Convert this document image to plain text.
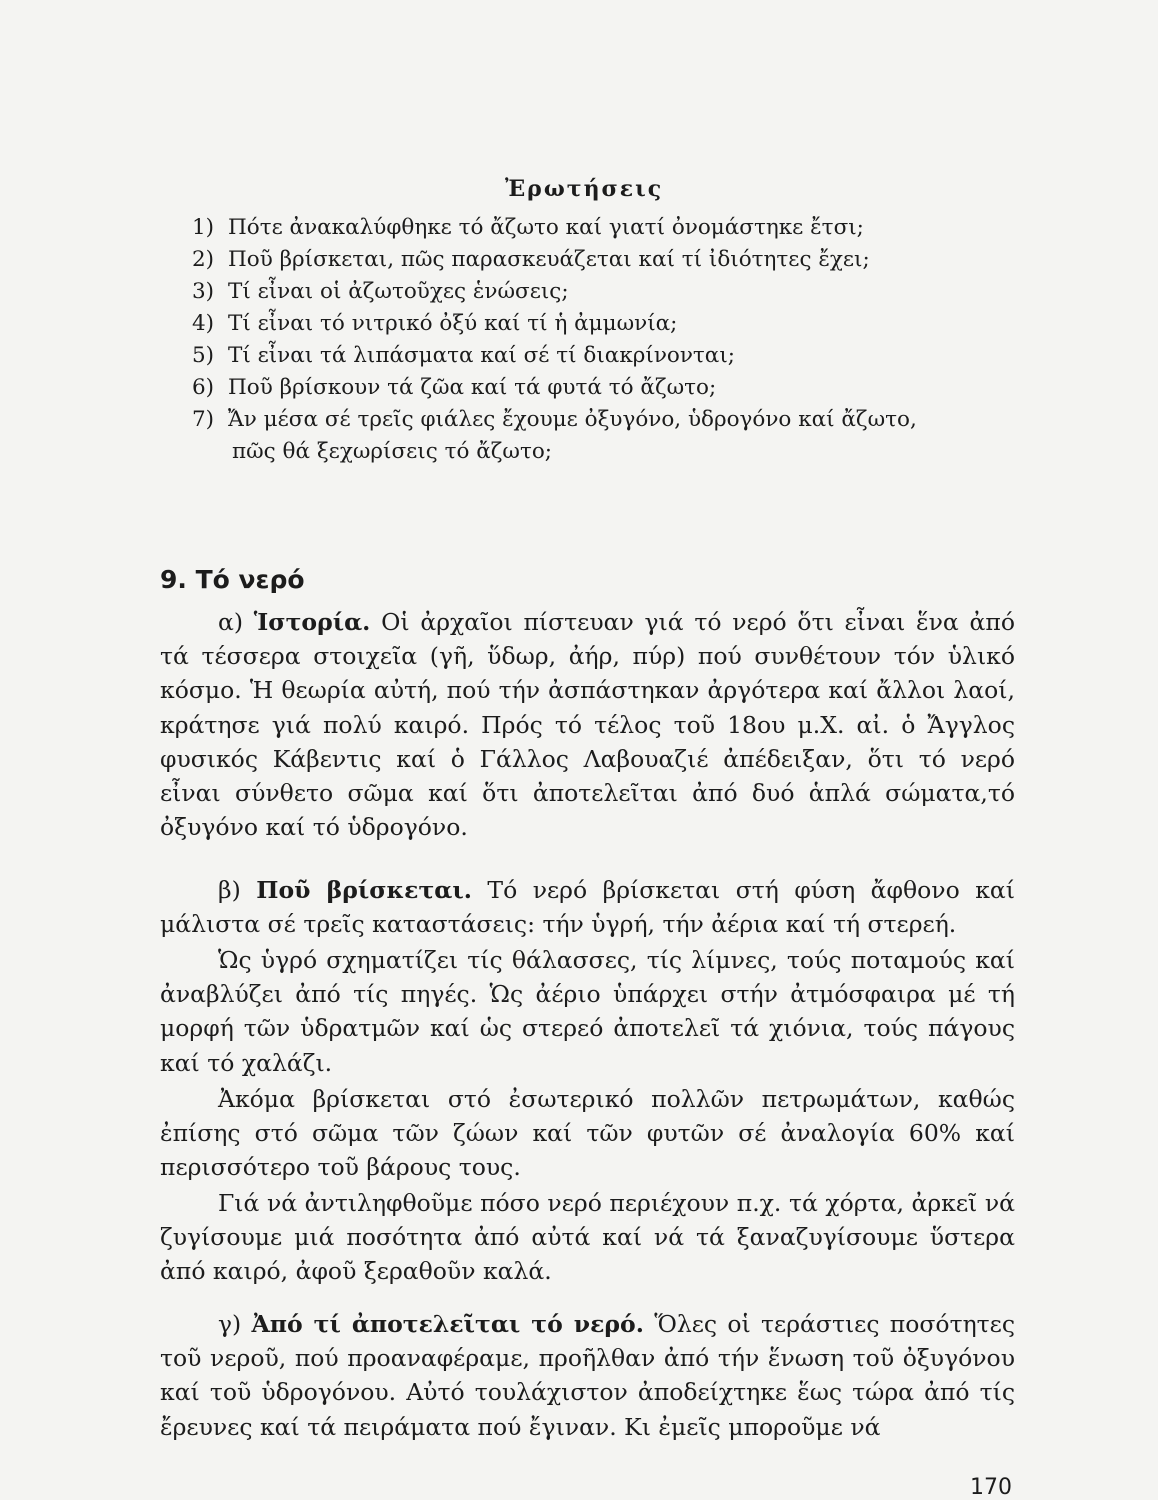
Ἐρωτήσεις
1) Πότε ἀνακαλύφθηκε τό ἄζωτο καί γιατί ὀνομάστηκε ἔτσι;
2) Ποῦ βρίσκεται, πῶς παρασκευάζεται καί τί ἰδιότητες ἔχει;
3) Τί εἶναι οἱ ἀζωτοῦχες ἑνώσεις;
4) Τί εἶναι τό νιτρικό ὀξύ καί τί ἡ ἀμμωνία;
5) Τί εἶναι τά λιπάσματα καί σέ τί διακρίνονται;
6) Ποῦ βρίσκουν τά ζῶα καί τά φυτά τό ἄζωτο;
7) Ἄν μέσα σέ τρεῖς φιάλες ἔχουμε ὀξυγόνο, ὑδρογόνο καί ἄζωτο,
πῶς θά ξεχωρίσεις τό ἄζωτο;
9. Τό νερό

α) Ἱστορία. Οἱ ἀρχαῖοι πίστευαν γιά τό νερό ὅτι εἶναι ἕνα ἀπό τά τέσσερα στοιχεῖα (γῆ, ὕδωρ, ἀήρ, πύρ) πού συνθέτουν τόν ὑλικό κόσμο. Ἡ θεωρία αὐτή, πού τήν ἀσπάστηκαν ἀργότερα καί ἄλλοι λαοί, κράτησε γιά πολύ καιρό. Πρός τό τέλος τοῦ 18ου μ.Χ. αἰ. ὁ Ἄγγλος φυσικός Κάβεντις καί ὁ Γάλλος Λαβουαζιέ ἀπέδειξαν, ὅτι τό νερό εἶναι σύνθετο σῶμα καί ὅτι ἀποτελεῖται ἀπό δυό ἁπλά σώματα,τό ὀξυγόνο καί τό ὑδρογόνο.

β) Ποῦ βρίσκεται. Τό νερό βρίσκεται στή φύση ἄφθονο καί μάλιστα σέ τρεῖς καταστάσεις: τήν ὑγρή, τήν ἀέρια καί τή στερεή.

Ὡς ὑγρό σχηματίζει τίς θάλασσες, τίς λίμνες, τούς ποταμούς καί ἀναβλύζει ἀπό τίς πηγές. Ὡς ἀέριο ὑπάρχει στήν ἀτμόσφαιρα μέ τή μορφή τῶν ὑδρατμῶν καί ὡς στερεό ἀποτελεῖ τά χιόνια, τούς πάγους καί τό χαλάζι.

Ἀκόμα βρίσκεται στό ἐσωτερικό πολλῶν πετρωμάτων, καθώς ἐπίσης στό σῶμα τῶν ζώων καί τῶν φυτῶν σέ ἀναλογία 60% καί περισσότερο τοῦ βάρους τους.

Γιά νά ἀντιληφθοῦμε πόσο νερό περιέχουν π.χ. τά χόρτα, ἀρκεῖ νά ζυγίσουμε μιά ποσότητα ἀπό αὐτά καί νά τά ξαναζυγίσουμε ὕστερα ἀπό καιρό, ἀφοῦ ξεραθοῦν καλά.

γ) Ἀπό τί ἀποτελεῖται τό νερό. Ὅλες οἱ τεράστιες ποσότητες τοῦ νεροῦ, πού προαναφέραμε, προῆλθαν ἀπό τήν ἕνωση τοῦ ὀξυγόνου καί τοῦ ὑδρογόνου. Αὐτό τουλάχιστον ἀποδείχτηκε ἕως τώρα ἀπό τίς ἔρευνες καί τά πειράματα πού ἔγιναν. Κι ἐμεῖς μποροῦμε νά

170
